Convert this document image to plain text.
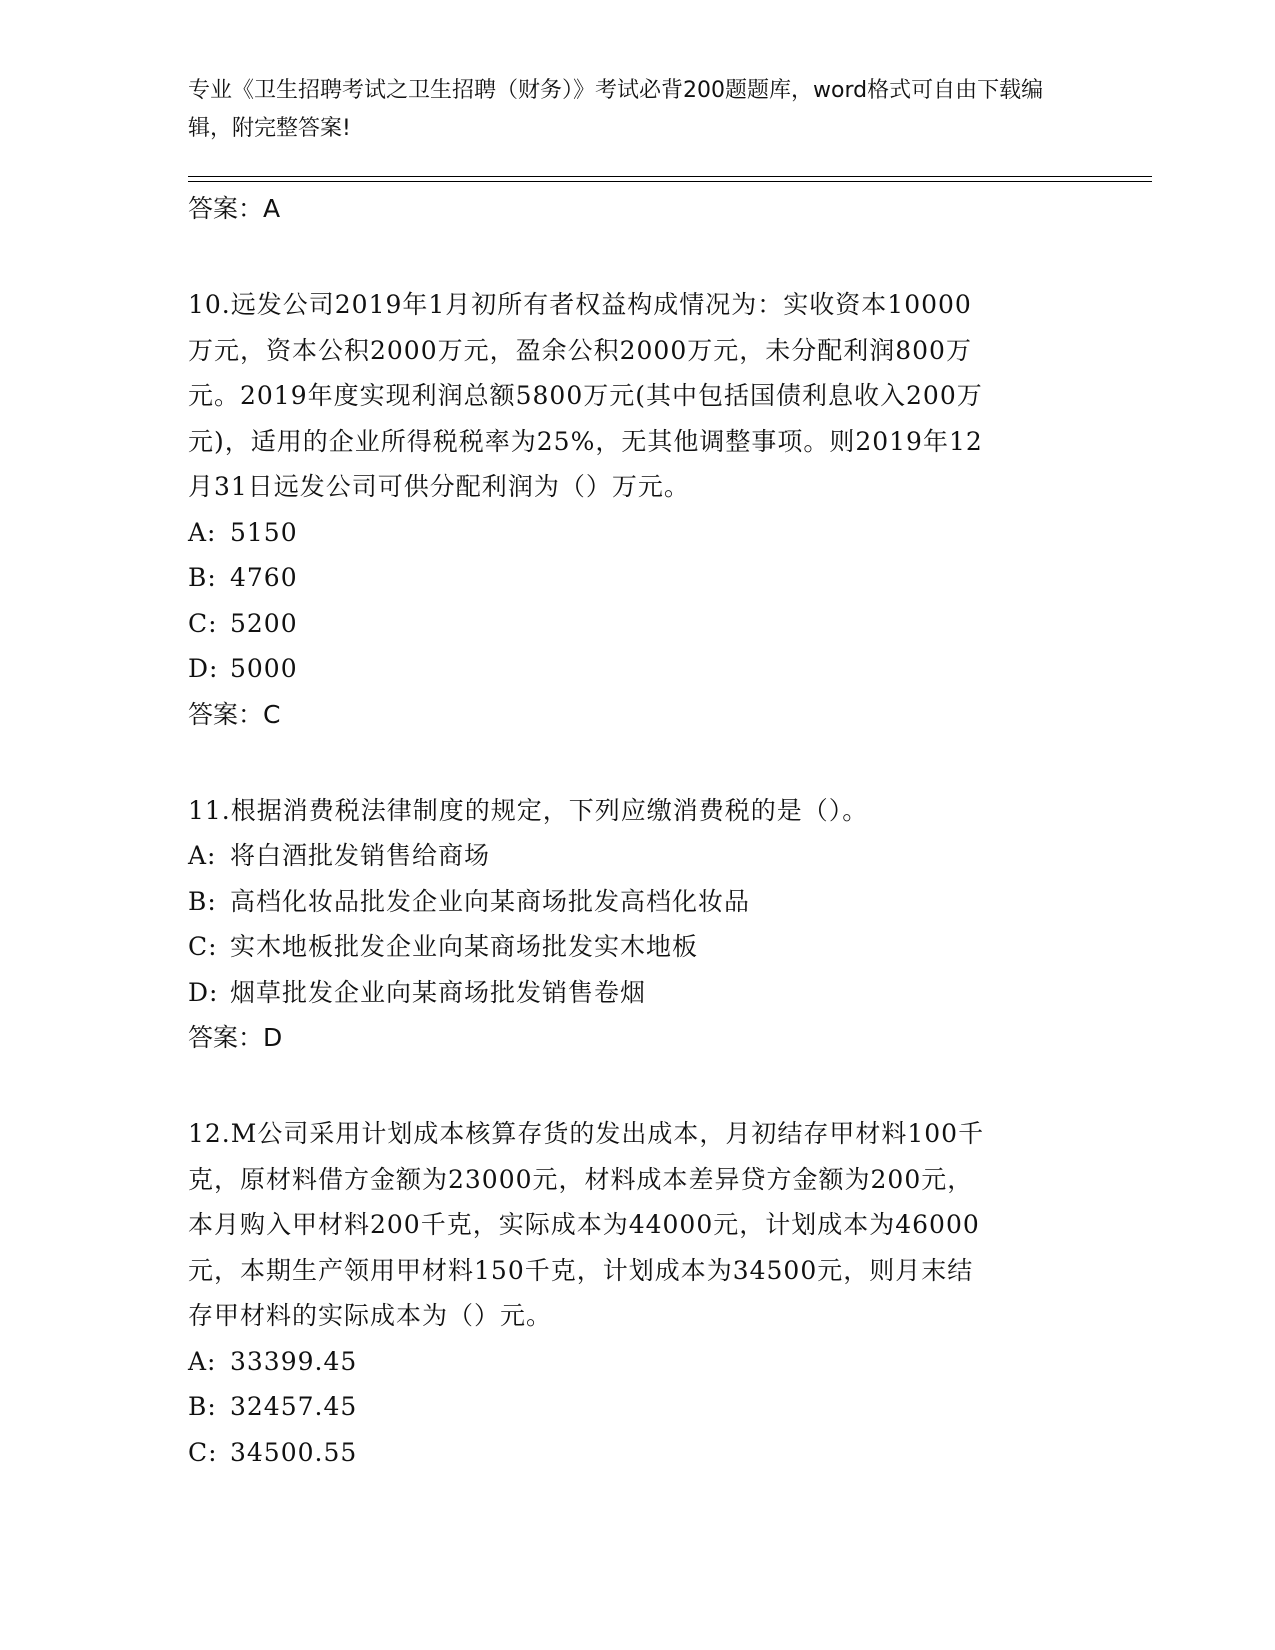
专业《卫生招聘考试之卫生招聘（财务）》考试必背200题题库，word格式可自由下载编辑，附完整答案!
答案：A

10.远发公司2019年1月初所有者权益构成情况为：实收资本10000

万元，资本公积2000万元，盈余公积2000万元，未分配利润800万

元。2019年度实现利润总额5800万元(其中包括国债利息收入200万

元)，适用的企业所得税税率为25%，无其他调整事项。则2019年12

月31日远发公司可供分配利润为（）万元。

A: 5150
B: 4760
C: 5200
D: 5000
答案：C

11.根据消费税法律制度的规定，下列应缴消费税的是（）。

A: 将白酒批发销售给商场
B: 高档化妆品批发企业向某商场批发高档化妆品
C: 实木地板批发企业向某商场批发实木地板
D: 烟草批发企业向某商场批发销售卷烟
答案：D

12.M公司采用计划成本核算存货的发出成本，月初结存甲材料100千

克，原材料借方金额为23000元，材料成本差异贷方金额为200元，

本月购入甲材料200千克，实际成本为44000元，计划成本为46000

元，本期生产领用甲材料150千克，计划成本为34500元，则月末结

存甲材料的实际成本为（）元。

A: 33399.45
B: 32457.45
C: 34500.55
